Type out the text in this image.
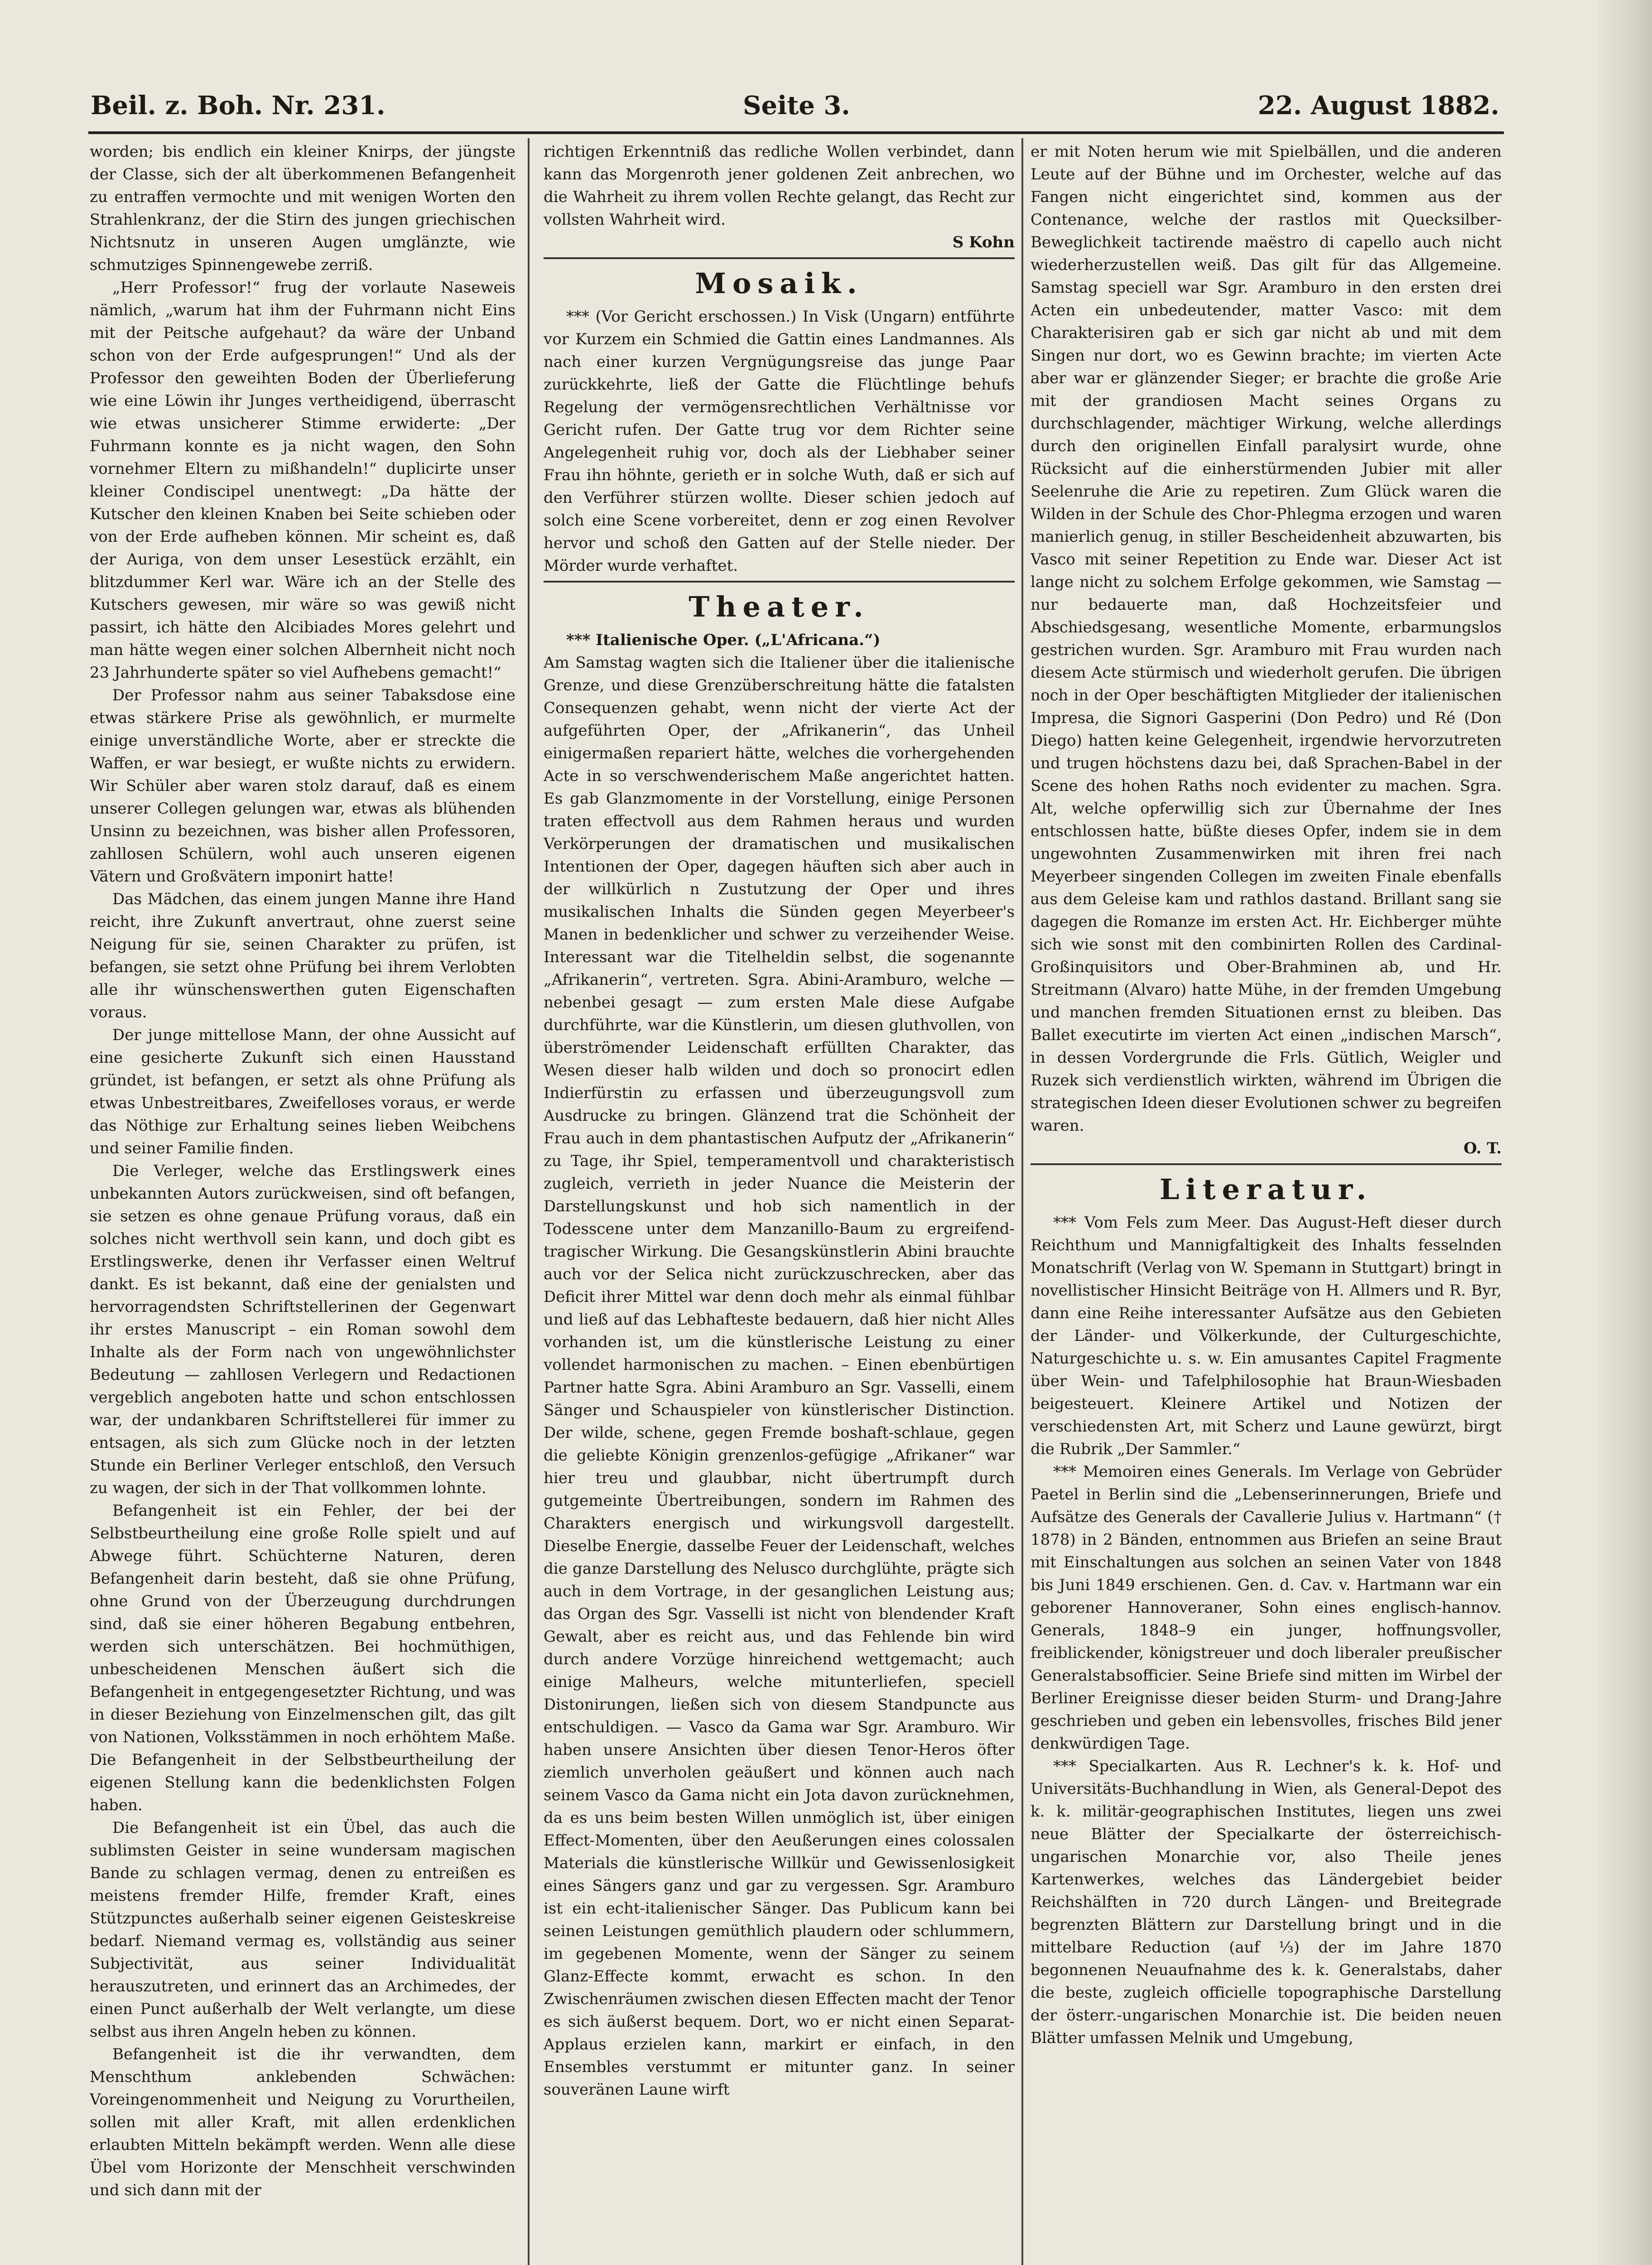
Beil. z. Boh. Nr. 231.	Seite 3.	22. August 1882.

worden; bis endlich ein kleiner Knirps, der jüngste der Classe, sich der alt überkommenen Befangenheit zu entraffen vermochte und mit wenigen Worten den Strahlenkranz, der die Stirn des jungen griechischen Nichtsnutz in unseren Augen umglänzte, wie schmutziges Spinnengewebe zerriß.

„Herr Professor!“ frug der vorlaute Naseweis nämlich, „warum hat ihm der Fuhrmann nicht Eins mit der Peitsche aufgehaut? da wäre der Unband schon von der Erde aufgesprungen!“ Und als der Professor den geweihten Boden der Überlieferung wie eine Löwin ihr Junges vertheidigend, überrascht wie etwas unsicherer Stimme erwiderte: „Der Fuhrmann konnte es ja nicht wagen, den Sohn vornehmer Eltern zu mißhandeln!“ duplicirte unser kleiner Condiscipel unentwegt: „Da hätte der Kutscher den kleinen Knaben bei Seite schieben oder von der Erde aufheben können. Mir scheint es, daß der Auriga, von dem unser Lesestück erzählt, ein blitzdummer Kerl war. Wäre ich an der Stelle des Kutschers gewesen, mir wäre so was gewiß nicht passirt, ich hätte den Alcibiades Mores gelehrt und man hätte wegen einer solchen Albernheit nicht noch 23 Jahrhunderte später so viel Aufhebens gemacht!“

Der Professor nahm aus seiner Tabaksdose eine etwas stärkere Prise als gewöhnlich, er murmelte einige unverständliche Worte, aber er streckte die Waffen, er war besiegt, er wußte nichts zu erwidern. Wir Schüler aber waren stolz darauf, daß es einem unserer Collegen gelungen war, etwas als blühenden Unsinn zu bezeichnen, was bisher allen Professoren, zahllosen Schülern, wohl auch unseren eigenen Vätern und Großvätern imponirt hatte!

Das Mädchen, das einem jungen Manne ihre Hand reicht, ihre Zukunft anvertraut, ohne zuerst seine Neigung für sie, seinen Charakter zu prüfen, ist befangen, sie setzt ohne Prüfung bei ihrem Verlobten alle ihr wünschenswerthen guten Eigenschaften voraus.

Der junge mittellose Mann, der ohne Aussicht auf eine gesicherte Zukunft sich einen Hausstand gründet, ist befangen, er setzt als ohne Prüfung als etwas Unbestreitbares, Zweifelloses voraus, er werde das Nöthige zur Erhaltung seines lieben Weibchens und seiner Familie finden.

Die Verleger, welche das Erstlingswerk eines unbekannten Autors zurückweisen, sind oft befangen, sie setzen es ohne genaue Prüfung voraus, daß ein solches nicht werthvoll sein kann, und doch gibt es Erstlingswerke, denen ihr Verfasser einen Weltruf dankt. Es ist bekannt, daß eine der genialsten und hervorragendsten Schriftstellerinen der Gegenwart ihr erstes Manuscript – ein Roman sowohl dem Inhalte als der Form nach von ungewöhnlichster Bedeutung — zahllosen Verlegern und Redactionen vergeblich angeboten hatte und schon entschlossen war, der undankbaren Schriftstellerei für immer zu entsagen, als sich zum Glücke noch in der letzten Stunde ein Berliner Verleger entschloß, den Versuch zu wagen, der sich in der That vollkommen lohnte.

Befangenheit ist ein Fehler, der bei der Selbstbeurtheilung eine große Rolle spielt und auf Abwege führt. Schüchterne Naturen, deren Befangenheit darin besteht, daß sie ohne Prüfung, ohne Grund von der Überzeugung durchdrungen sind, daß sie einer höheren Begabung entbehren, werden sich unterschätzen. Bei hochmüthigen, unbescheidenen Menschen äußert sich die Befangenheit in entgegengesetzter Richtung, und was in dieser Beziehung von Einzelmenschen gilt, das gilt von Nationen, Volksstämmen in noch erhöhtem Maße. Die Befangenheit in der Selbstbeurtheilung der eigenen Stellung kann die bedenklichsten Folgen haben.

Die Befangenheit ist ein Übel, das auch die sublimsten Geister in seine wundersam magischen Bande zu schlagen vermag, denen zu entreißen es meistens fremder Hilfe, fremder Kraft, eines Stützpunctes außerhalb seiner eigenen Geisteskreise bedarf. Niemand vermag es, vollständig aus seiner Subjectivität, aus seiner Individualität herauszutreten, und erinnert das an Archimedes, der einen Punct außerhalb der Welt verlangte, um diese selbst aus ihren Angeln heben zu können.

Befangenheit ist die ihr verwandten, dem Menschthum anklebenden Schwächen: Voreingenommenheit und Neigung zu Vorurtheilen, sollen mit aller Kraft, mit allen erdenklichen erlaubten Mitteln bekämpft werden. Wenn alle diese Übel vom Horizonte der Menschheit verschwinden und sich dann mit der

richtigen Erkenntniß das redliche Wollen verbindet, dann kann das Morgenroth jener goldenen Zeit anbrechen, wo die Wahrheit zu ihrem vollen Rechte gelangt, das Recht zur vollsten Wahrheit wird.

S Kohn
Mosaik.

*** (Vor Gericht erschossen.) In Visk (Ungarn) entführte vor Kurzem ein Schmied die Gattin eines Landmannes. Als nach einer kurzen Vergnügungsreise das junge Paar zurückkehrte, ließ der Gatte die Flüchtlinge behufs Regelung der vermögensrechtlichen Verhältnisse vor Gericht rufen. Der Gatte trug vor dem Richter seine Angelegenheit ruhig vor, doch als der Liebhaber seiner Frau ihn höhnte, gerieth er in solche Wuth, daß er sich auf den Verführer stürzen wollte. Dieser schien jedoch auf solch eine Scene vorbereitet, denn er zog einen Revolver hervor und schoß den Gatten auf der Stelle nieder. Der Mörder wurde verhaftet.

Theater.
*** Italienische Oper. („L'Africana.“)

Am Samstag wagten sich die Italiener über die italienische Grenze, und diese Grenzüberschreitung hätte die fatalsten Consequenzen gehabt, wenn nicht der vierte Act der aufgeführten Oper, der „Afrikanerin“, das Unheil einigermaßen repariert hätte, welches die vorhergehenden Acte in so verschwenderischem Maße angerichtet hatten. Es gab Glanzmomente in der Vorstellung, einige Personen traten effectvoll aus dem Rahmen heraus und wurden Verkörperungen der dramatischen und musikalischen Intentionen der Oper, dagegen häuften sich aber auch in der willkürlich n Zustutzung der Oper und ihres musikalischen Inhalts die Sünden gegen Meyerbeer's Manen in bedenklicher und schwer zu verzeihender Weise. Interessant war die Titelheldin selbst, die sogenannte „Afrikanerin“, vertreten. Sgra. Abini-Aramburo, welche — nebenbei gesagt — zum ersten Male diese Aufgabe durchführte, war die Künstlerin, um diesen gluthvollen, von überströmender Leidenschaft erfüllten Charakter, das Wesen dieser halb wilden und doch so pronocirt edlen Indierfürstin zu erfassen und überzeugungsvoll zum Ausdrucke zu bringen. Glänzend trat die Schönheit der Frau auch in dem phantastischen Aufputz der „Afrikanerin“ zu Tage, ihr Spiel, temperamentvoll und charakteristisch zugleich, verrieth in jeder Nuance die Meisterin der Darstellungskunst und hob sich namentlich in der Todesscene unter dem Manzanillo-Baum zu ergreifend-tragischer Wirkung. Die Gesangskünstlerin Abini brauchte auch vor der Selica nicht zurückzuschrecken, aber das Deficit ihrer Mittel war denn doch mehr als einmal fühlbar und ließ auf das Lebhafteste bedauern, daß hier nicht Alles vorhanden ist, um die künstlerische Leistung zu einer vollendet harmonischen zu machen. – Einen ebenbürtigen Partner hatte Sgra. Abini Aramburo an Sgr. Vasselli, einem Sänger und Schauspieler von künstlerischer Distinction. Der wilde, schene, gegen Fremde boshaft-schlaue, gegen die geliebte Königin grenzenlos-gefügige „Afrikaner“ war hier treu und glaubbar, nicht übertrumpft durch gutgemeinte Übertreibungen, sondern im Rahmen des Charakters energisch und wirkungsvoll dargestellt. Dieselbe Energie, dasselbe Feuer der Leidenschaft, welches die ganze Darstellung des Nelusco durchglühte, prägte sich auch in dem Vortrage, in der gesanglichen Leistung aus; das Organ des Sgr. Vasselli ist nicht von blendender Kraft Gewalt, aber es reicht aus, und das Fehlende bin wird durch andere Vorzüge hinreichend wettgemacht; auch einige Malheurs, welche mitunterliefen, speciell Distonirungen, ließen sich von diesem Standpuncte aus entschuldigen. — Vasco da Gama war Sgr. Aramburo. Wir haben unsere Ansichten über diesen Tenor-Heros öfter ziemlich unverholen geäußert und können auch nach seinem Vasco da Gama nicht ein Jota davon zurücknehmen, da es uns beim besten Willen unmöglich ist, über einigen Effect-Momenten, über den Aeußerungen eines colossalen Materials die künstlerische Willkür und Gewissenlosigkeit eines Sängers ganz und gar zu vergessen. Sgr. Aramburo ist ein echt-italienischer Sänger. Das Publicum kann bei seinen Leistungen gemüthlich plaudern oder schlummern, im gegebenen Momente, wenn der Sänger zu seinem Glanz-Effecte kommt, erwacht es schon. In den Zwischenräumen zwischen diesen Effecten macht der Tenor es sich äußerst bequem. Dort, wo er nicht einen Separat-Applaus erzielen kann, markirt er einfach, in den Ensembles verstummt er mitunter ganz. In seiner souveränen Laune wirft

er mit Noten herum wie mit Spielbällen, und die anderen Leute auf der Bühne und im Orchester, welche auf das Fangen nicht eingerichtet sind, kommen aus der Contenance, welche der rastlos mit Quecksilber-Beweglichkeit tactirende maëstro di capello auch nicht wiederherzustellen weiß. Das gilt für das Allgemeine. Samstag speciell war Sgr. Aramburo in den ersten drei Acten ein unbedeutender, matter Vasco: mit dem Charakterisiren gab er sich gar nicht ab und mit dem Singen nur dort, wo es Gewinn brachte; im vierten Acte aber war er glänzender Sieger; er brachte die große Arie mit der grandiosen Macht seines Organs zu durchschlagender, mächtiger Wirkung, welche allerdings durch den originellen Einfall paralysirt wurde, ohne Rücksicht auf die einherstürmenden Jubier mit aller Seelenruhe die Arie zu repetiren. Zum Glück waren die Wilden in der Schule des Chor-Phlegma erzogen und waren manierlich genug, in stiller Bescheidenheit abzuwarten, bis Vasco mit seiner Repetition zu Ende war. Dieser Act ist lange nicht zu solchem Erfolge gekommen, wie Samstag — nur bedauerte man, daß Hochzeitsfeier und Abschiedsgesang, wesentliche Momente, erbarmungslos gestrichen wurden. Sgr. Aramburo mit Frau wurden nach diesem Acte stürmisch und wiederholt gerufen. Die übrigen noch in der Oper beschäftigten Mitglieder der italienischen Impresa, die Signori Gasperini (Don Pedro) und Ré (Don Diego) hatten keine Gelegenheit, irgendwie hervorzutreten und trugen höchstens dazu bei, daß Sprachen-Babel in der Scene des hohen Raths noch evidenter zu machen. Sgra. Alt, welche opferwillig sich zur Übernahme der Ines entschlossen hatte, büßte dieses Opfer, indem sie in dem ungewohnten Zusammenwirken mit ihren frei nach Meyerbeer singenden Collegen im zweiten Finale ebenfalls aus dem Geleise kam und rathlos dastand. Brillant sang sie dagegen die Romanze im ersten Act. Hr. Eichberger mühte sich wie sonst mit den combinirten Rollen des Cardinal-Großinquisitors und Ober-Brahminen ab, und Hr. Streitmann (Alvaro) hatte Mühe, in der fremden Umgebung und manchen fremden Situationen ernst zu bleiben. Das Ballet executirte im vierten Act einen „indischen Marsch“, in dessen Vordergrunde die Frls. Gütlich, Weigler und Ruzek sich verdienstlich wirkten, während im Übrigen die strategischen Ideen dieser Evolutionen schwer zu begreifen waren.

O. T.
Literatur.

*** Vom Fels zum Meer. Das August-Heft dieser durch Reichthum und Mannigfaltigkeit des Inhalts fesselnden Monatschrift (Verlag von W. Spemann in Stuttgart) bringt in novellistischer Hinsicht Beiträge von H. Allmers und R. Byr, dann eine Reihe interessanter Aufsätze aus den Gebieten der Länder- und Völkerkunde, der Culturgeschichte, Naturgeschichte u. s. w. Ein amusantes Capitel Fragmente über Wein- und Tafelphilosophie hat Braun-Wiesbaden beigesteuert. Kleinere Artikel und Notizen der verschiedensten Art, mit Scherz und Laune gewürzt, birgt die Rubrik „Der Sammler.“

*** Memoiren eines Generals. Im Verlage von Gebrüder Paetel in Berlin sind die „Lebenserinnerungen, Briefe und Aufsätze des Generals der Cavallerie Julius v. Hartmann“ († 1878) in 2 Bänden, entnommen aus Briefen an seine Braut mit Einschaltungen aus solchen an seinen Vater von 1848 bis Juni 1849 erschienen. Gen. d. Cav. v. Hartmann war ein geborener Hannoveraner, Sohn eines englisch-hannov. Generals, 1848–9 ein junger, hoffnungsvoller, freiblickender, königstreuer und doch liberaler preußischer Generalstabsofficier. Seine Briefe sind mitten im Wirbel der Berliner Ereignisse dieser beiden Sturm- und Drang-Jahre geschrieben und geben ein lebensvolles, frisches Bild jener denkwürdigen Tage.

*** Specialkarten. Aus R. Lechner's k. k. Hof- und Universitäts-Buchhandlung in Wien, als General-Depot des k. k. militär-geographischen Institutes, liegen uns zwei neue Blätter der Specialkarte der österreichisch-ungarischen Monarchie vor, also Theile jenes Kartenwerkes, welches das Ländergebiet beider Reichshälften in 720 durch Längen- und Breitegrade begrenzten Blättern zur Darstellung bringt und in die mittelbare Reduction (auf ⅓) der im Jahre 1870 begonnenen Neuaufnahme des k. k. Generalstabs, daher die beste, zugleich officielle topographische Darstellung der österr.-ungarischen Monarchie ist. Die beiden neuen Blätter umfassen Melnik und Umgebung,
